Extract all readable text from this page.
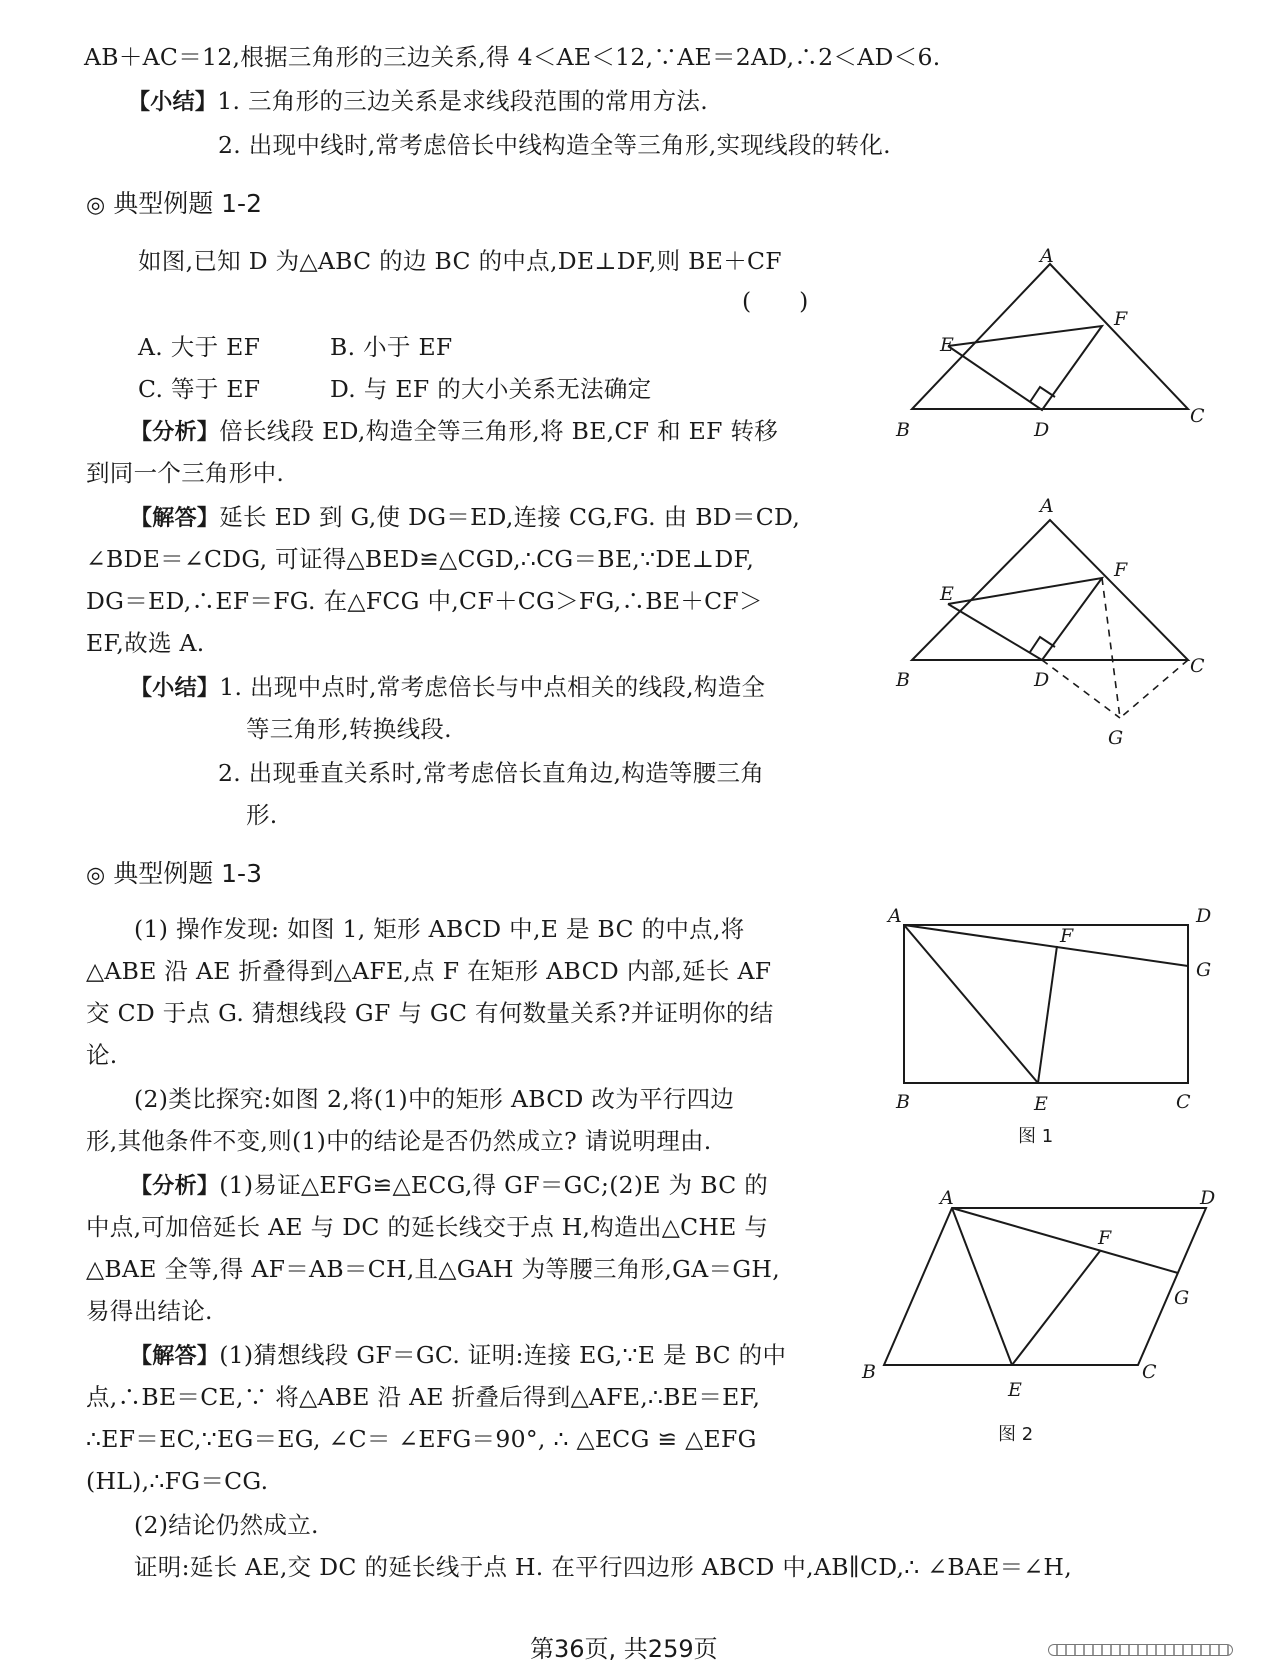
AB＋AC＝12,根据三角形的三边关系,得 4＜AE＜12,∵AE＝2AD,∴2＜AD＜6.
【小结】1. 三角形的三边关系是求线段范围的常用方法.
2. 出现中线时,常考虑倍长中线构造全等三角形,实现线段的转化.
◎ 典型例题 1-2
如图,已知 D 为△ABC 的边 BC 的中点,DE⊥DF,则 BE＋CF
(　　)
A. 大于 EF	B. 小于 EF
C. 等于 EF	D. 与 EF 的大小关系无法确定
【分析】倍长线段 ED,构造全等三角形,将 BE,CF 和 EF 转移
到同一个三角形中.
【解答】延长 ED 到 G,使 DG＝ED,连接 CG,FG. 由 BD＝CD,
∠BDE＝∠CDG, 可证得△BED≌△CGD,∴CG＝BE,∵DE⊥DF,
DG＝ED,∴EF＝FG. 在△FCG 中,CF＋CG＞FG,∴BE＋CF＞
EF,故选 A.
【小结】1. 出现中点时,常考虑倍长与中点相关的线段,构造全
等三角形,转换线段.
2. 出现垂直关系时,常考虑倍长直角边,构造等腰三角
形.
◎ 典型例题 1-3
(1) 操作发现: 如图 1, 矩形 ABCD 中,E 是 BC 的中点,将
△ABE 沿 AE 折叠得到△AFE,点 F 在矩形 ABCD 内部,延长 AF
交 CD 于点 G. 猜想线段 GF 与 GC 有何数量关系?并证明你的结
论.
(2)类比探究:如图 2,将(1)中的矩形 ABCD 改为平行四边
形,其他条件不变,则(1)中的结论是否仍然成立? 请说明理由.
【分析】(1)易证△EFG≌△ECG,得 GF＝GC;(2)E 为 BC 的
中点,可加倍延长 AE 与 DC 的延长线交于点 H,构造出△CHE 与
△BAE 全等,得 AF＝AB＝CH,且△GAH 为等腰三角形,GA＝GH,
易得出结论.
【解答】(1)猜想线段 GF＝GC. 证明:连接 EG,∵E 是 BC 的中
点,∴BE＝CE,∵ 将△ABE 沿 AE 折叠后得到△AFE,∴BE＝EF,
∴EF＝EC,∵EG＝EG, ∠C＝ ∠EFG＝90°, ∴ △ECG ≌ △EFG
(HL),∴FG＝CG.
(2)结论仍然成立.
证明:延长 AE,交 DC 的延长线于点 H. 在平行四边形 ABCD 中,AB∥CD,∴ ∠BAE＝∠H,
A
F
E
B	D
C
A
F
E
B	D
C
G
A	D
F
G
B	E	C
图 1
A	D
F
G
B
E
C
图 2
第36页, 共259页
